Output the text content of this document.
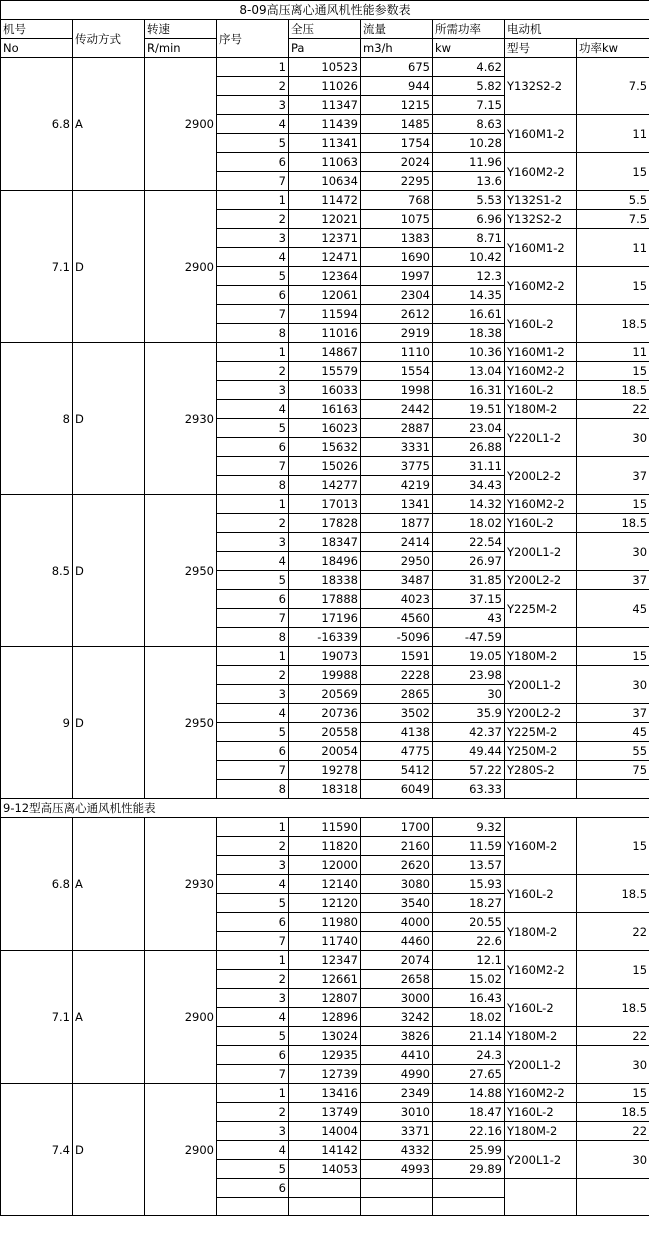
8-09高压离心通风机性能参数表								
机号	传动方式	转速	序号	全压	流量	所需功率	电动机	
No		R/min		Pa	m3/h	kw	型号	功率kw
6.8	A	2900	1	10523	675	4.62	Y132S2-2	7.5
			2	11026	944	5.82		
			3	11347	1215	7.15		
			4	11439	1485	8.63	Y160M1-2	11
			5	11341	1754	10.28		
			6	11063	2024	11.96	Y160M2-2	15
			7	10634	2295	13.6		
7.1	D	2900	1	11472	768	5.53	Y132S1-2	5.5
			2	12021	1075	6.96	Y132S2-2	7.5
			3	12371	1383	8.71	Y160M1-2	11
			4	12471	1690	10.42		
			5	12364	1997	12.3	Y160M2-2	15
			6	12061	2304	14.35		
			7	11594	2612	16.61	Y160L-2	18.5
			8	11016	2919	18.38		
8	D	2930	1	14867	1110	10.36	Y160M1-2	11
			2	15579	1554	13.04	Y160M2-2	15
			3	16033	1998	16.31	Y160L-2	18.5
			4	16163	2442	19.51	Y180M-2	22
			5	16023	2887	23.04	Y220L1-2	30
			6	15632	3331	26.88		
			7	15026	3775	31.11	Y200L2-2	37
			8	14277	4219	34.43		
8.5	D	2950	1	17013	1341	14.32	Y160M2-2	15
			2	17828	1877	18.02	Y160L-2	18.5
			3	18347	2414	22.54	Y200L1-2	30
			4	18496	2950	26.97		
			5	18338	3487	31.85	Y200L2-2	37
			6	17888	4023	37.15	Y225M-2	45
			7	17196	4560	43		
			8	-16339	-5096	-47.59		
9	D	2950	1	19073	1591	19.05	Y180M-2	15
			2	19988	2228	23.98	Y200L1-2	30
			3	20569	2865	30		
			4	20736	3502	35.9	Y200L2-2	37
			5	20558	4138	42.37	Y225M-2	45
			6	20054	4775	49.44	Y250M-2	55
			7	19278	5412	57.22	Y280S-2	75
			8	18318	6049	63.33		
9-12型高压离心通风机性能表								
6.8	A	2930	1	11590	1700	9.32	Y160M-2	15
			2	11820	2160	11.59		
			3	12000	2620	13.57		
			4	12140	3080	15.93	Y160L-2	18.5
			5	12120	3540	18.27		
			6	11980	4000	20.55	Y180M-2	22
			7	11740	4460	22.6		
7.1	A	2900	1	12347	2074	12.1	Y160M2-2	15
			2	12661	2658	15.02		
			3	12807	3000	16.43	Y160L-2	18.5
			4	12896	3242	18.02		
			5	13024	3826	21.14	Y180M-2	22
			6	12935	4410	24.3	Y200L1-2	30
			7	12739	4990	27.65		
7.4	D	2900	1	13416	2349	14.88	Y160M2-2	15
			2	13749	3010	18.47	Y160L-2	18.5
			3	14004	3371	22.16	Y180M-2	22
			4	14142	4332	25.99	Y200L1-2	30
			5	14053	4993	29.89		
			6					
